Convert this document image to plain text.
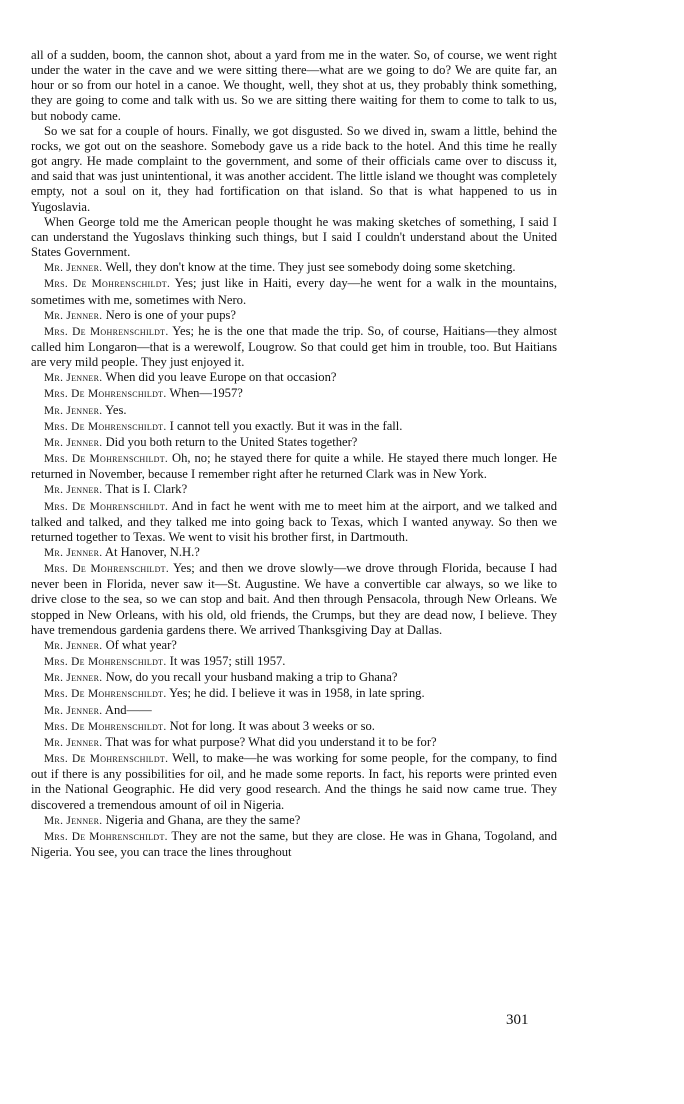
all of a sudden, boom, the cannon shot, about a yard from me in the water. So, of course, we went right under the water in the cave and we were sitting there—what are we going to do? We are quite far, an hour or so from our hotel in a canoe. We thought, well, they shot at us, they probably think something, they are going to come and talk with us. So we are sitting there waiting for them to come to talk to us, but nobody came.

So we sat for a couple of hours. Finally, we got disgusted. So we dived in, swam a little, behind the rocks, we got out on the seashore. Somebody gave us a ride back to the hotel. And this time he really got angry. He made complaint to the government, and some of their officials came over to discuss it, and said that was just unintentional, it was another accident. The little island we thought was completely empty, not a soul on it, they had fortification on that island. So that is what happened to us in Yugoslavia.

When George told me the American people thought he was making sketches of something, I said I can understand the Yugoslavs thinking such things, but I said I couldn't understand about the United States Government.

Mr. Jenner. Well, they don't know at the time. They just see somebody doing some sketching.

Mrs. De Mohrenschildt. Yes; just like in Haiti, every day—he went for a walk in the mountains, sometimes with me, sometimes with Nero.

Mr. Jenner. Nero is one of your pups?

Mrs. De Mohrenschildt. Yes; he is the one that made the trip. So, of course, Haitians—they almost called him Longaron—that is a werewolf, Lougrow. So that could get him in trouble, too. But Haitians are very mild people. They just enjoyed it.

Mr. Jenner. When did you leave Europe on that occasion?

Mrs. De Mohrenschildt. When—1957?

Mr. Jenner. Yes.

Mrs. De Mohrenschildt. I cannot tell you exactly. But it was in the fall.

Mr. Jenner. Did you both return to the United States together?

Mrs. De Mohrenschildt. Oh, no; he stayed there for quite a while. He stayed there much longer. He returned in November, because I remember right after he returned Clark was in New York.

Mr. Jenner. That is I. Clark?

Mrs. De Mohrenschildt. And in fact he went with me to meet him at the airport, and we talked and talked and talked, and they talked me into going back to Texas, which I wanted anyway. So then we returned together to Texas. We went to visit his brother first, in Dartmouth.

Mr. Jenner. At Hanover, N.H.?

Mrs. De Mohrenschildt. Yes; and then we drove slowly—we drove through Florida, because I had never been in Florida, never saw it—St. Augustine. We have a convertible car always, so we like to drive close to the sea, so we can stop and bait. And then through Pensacola, through New Orleans. We stopped in New Orleans, with his old, old friends, the Crumps, but they are dead now, I believe. They have tremendous gardenia gardens there. We arrived Thanksgiving Day at Dallas.

Mr. Jenner. Of what year?

Mrs. De Mohrenschildt. It was 1957; still 1957.

Mr. Jenner. Now, do you recall your husband making a trip to Ghana?

Mrs. De Mohrenschildt. Yes; he did. I believe it was in 1958, in late spring.

Mr. Jenner. And——

Mrs. De Mohrenschildt. Not for long. It was about 3 weeks or so.

Mr. Jenner. That was for what purpose? What did you understand it to be for?

Mrs. De Mohrenschildt. Well, to make—he was working for some people, for the company, to find out if there is any possibilities for oil, and he made some reports. In fact, his reports were printed even in the National Geographic. He did very good research. And the things he said now came true. They discovered a tremendous amount of oil in Nigeria.

Mr. Jenner. Nigeria and Ghana, are they the same?

Mrs. De Mohrenschildt. They are not the same, but they are close. He was in Ghana, Togoland, and Nigeria. You see, you can trace the lines throughout

301
